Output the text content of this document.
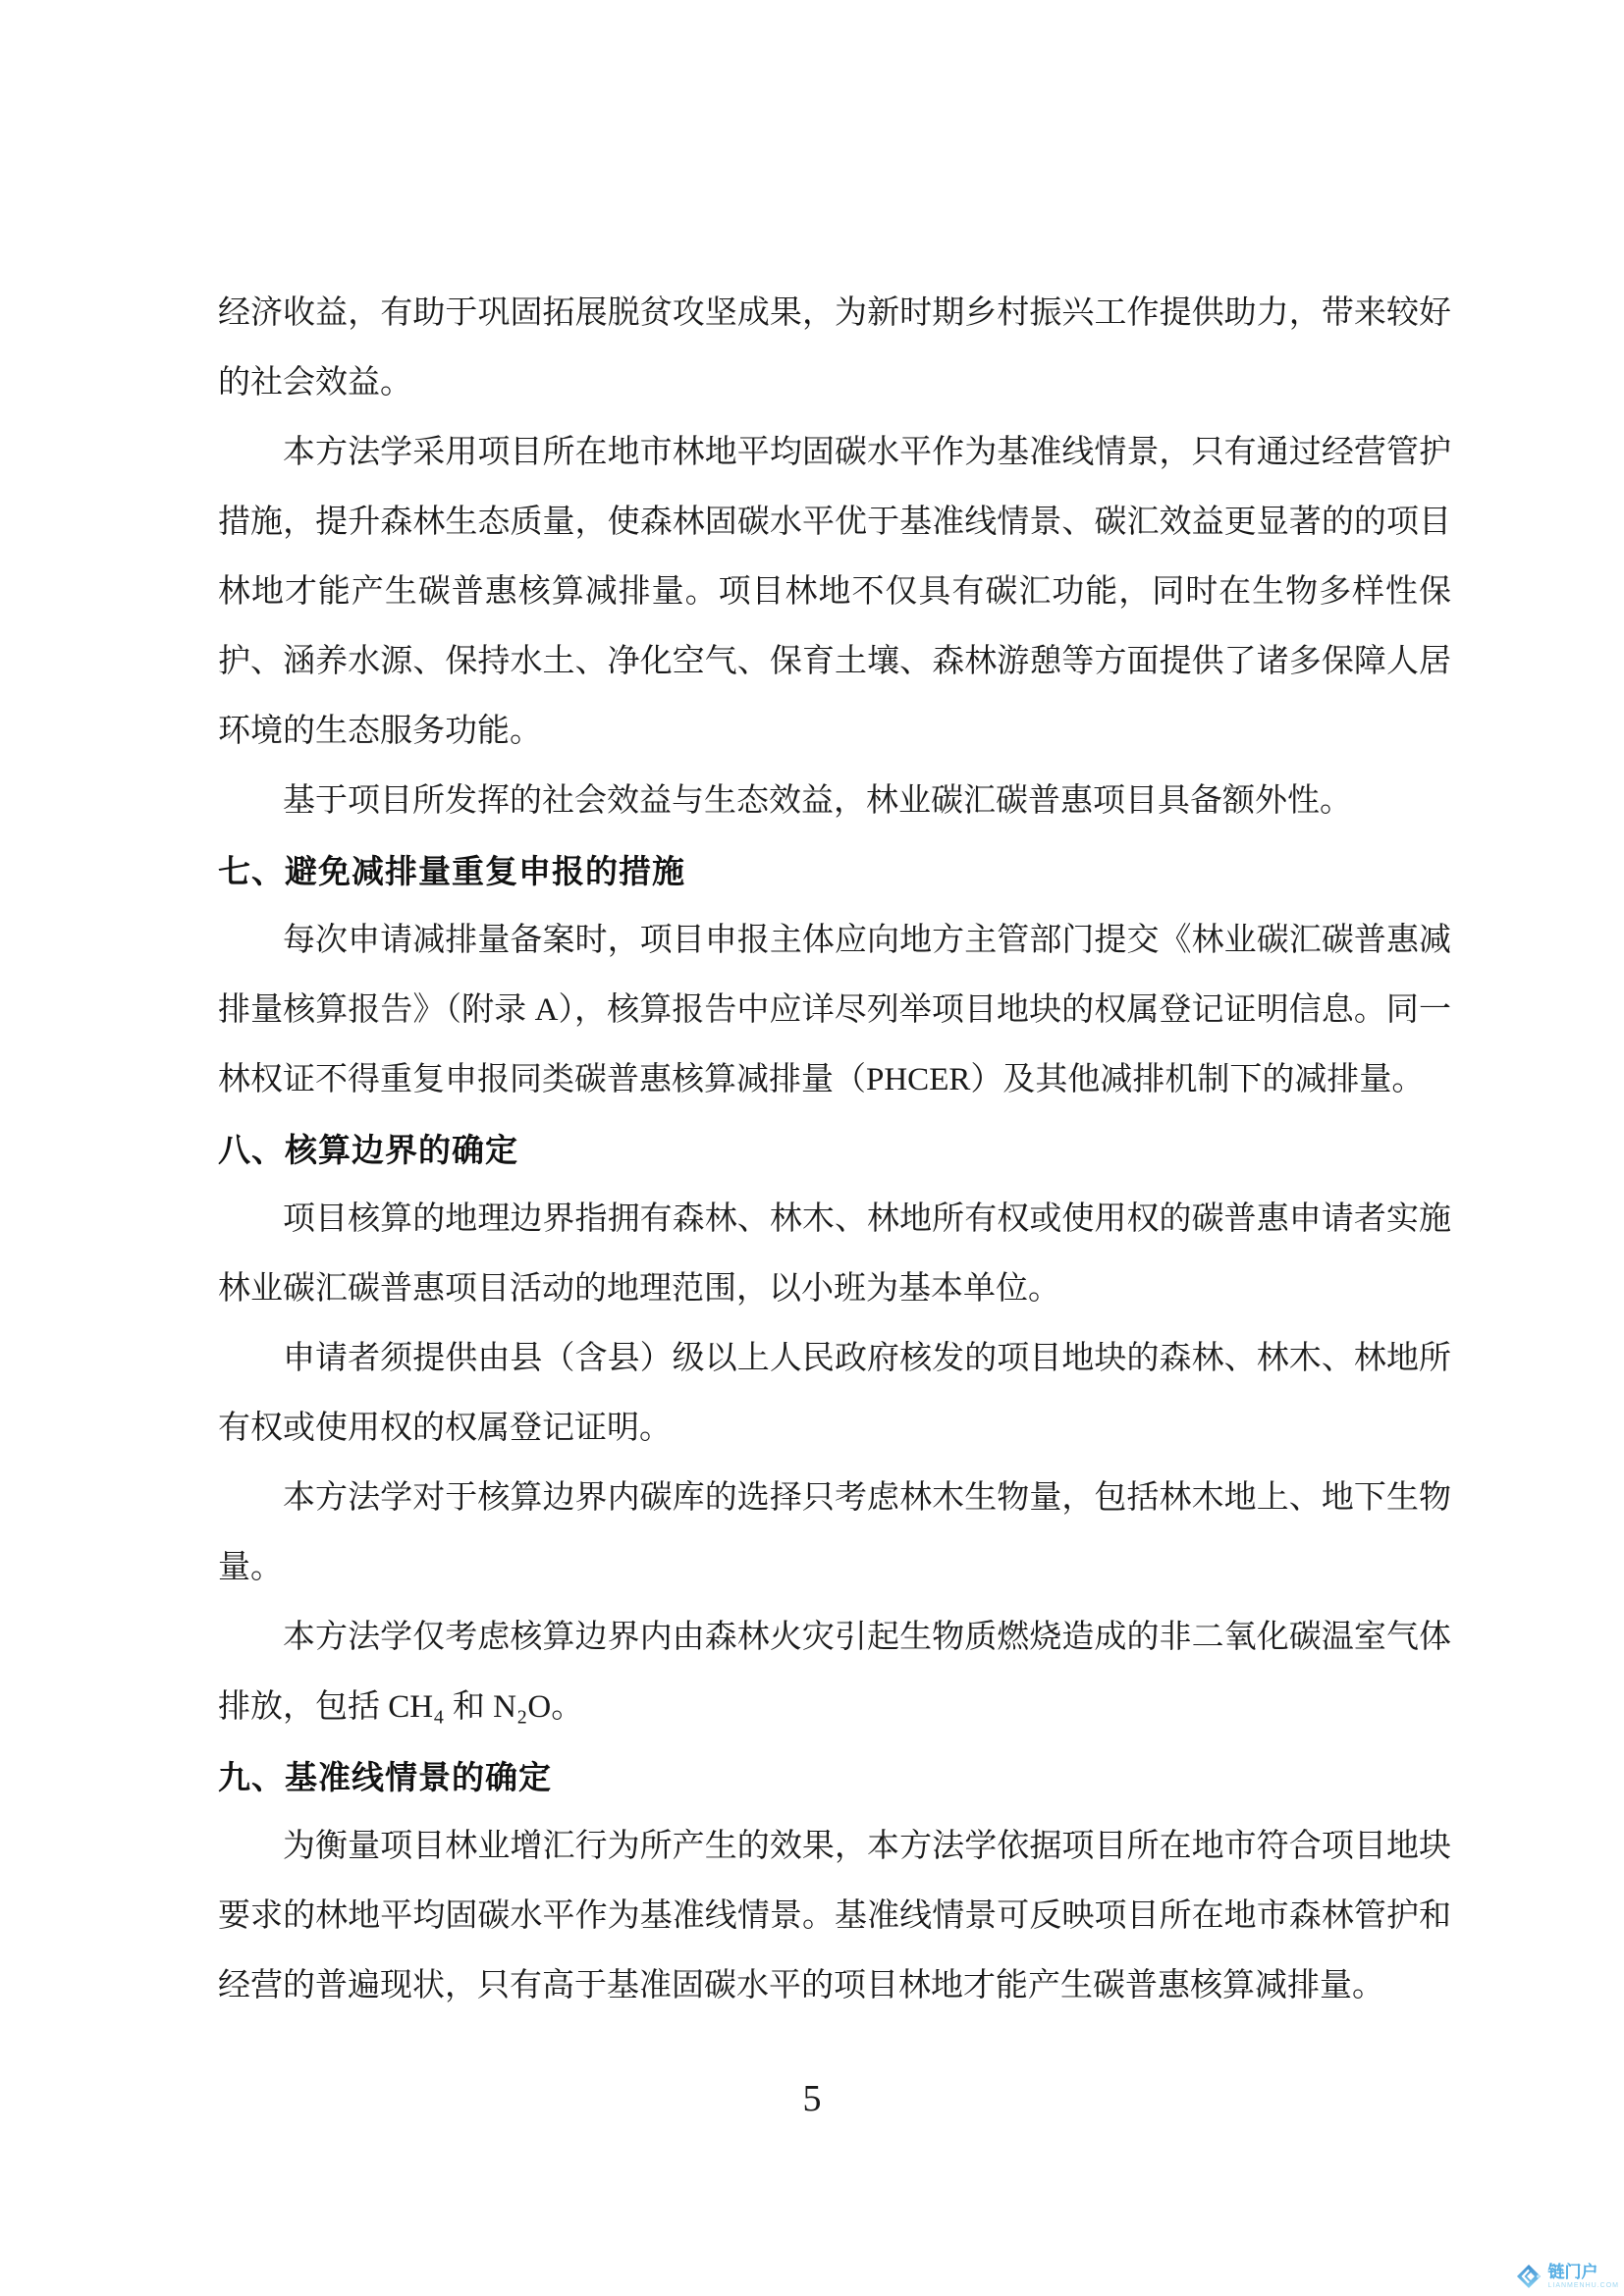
经济收益，有助于巩固拓展脱贫攻坚成果，为新时期乡村振兴工作提供助力，带来较好的社会效益。

本方法学采用项目所在地市林地平均固碳水平作为基准线情景，只有通过经营管护措施，提升森林生态质量，使森林固碳水平优于基准线情景、碳汇效益更显著的的项目林地才能产生碳普惠核算减排量。项目林地不仅具有碳汇功能，同时在生物多样性保护、涵养水源、保持水土、净化空气、保育土壤、森林游憩等方面提供了诸多保障人居环境的生态服务功能。

基于项目所发挥的社会效益与生态效益，林业碳汇碳普惠项目具备额外性。

七、避免减排量重复申报的措施

每次申请减排量备案时，项目申报主体应向地方主管部门提交《林业碳汇碳普惠减排量核算报告》（附录 A），核算报告中应详尽列举项目地块的权属登记证明信息。同一林权证不得重复申报同类碳普惠核算减排量（PHCER）及其他减排机制下的减排量。

八、核算边界的确定

项目核算的地理边界指拥有森林、林木、林地所有权或使用权的碳普惠申请者实施林业碳汇碳普惠项目活动的地理范围，以小班为基本单位。

申请者须提供由县（含县）级以上人民政府核发的项目地块的森林、林木、林地所有权或使用权的权属登记证明。

本方法学对于核算边界内碳库的选择只考虑林木生物量，包括林木地上、地下生物量。

本方法学仅考虑核算边界内由森林火灾引起生物质燃烧造成的非二氧化碳温室气体排放，包括 CH₄ 和 N₂O。

九、基准线情景的确定

为衡量项目林业增汇行为所产生的效果，本方法学依据项目所在地市符合项目地块要求的林地平均固碳水平作为基准线情景。基准线情景可反映项目所在地市森林管护和经营的普遍现状，只有高于基准固碳水平的项目林地才能产生碳普惠核算减排量。

5
链门户
LIANMENHU.COM
